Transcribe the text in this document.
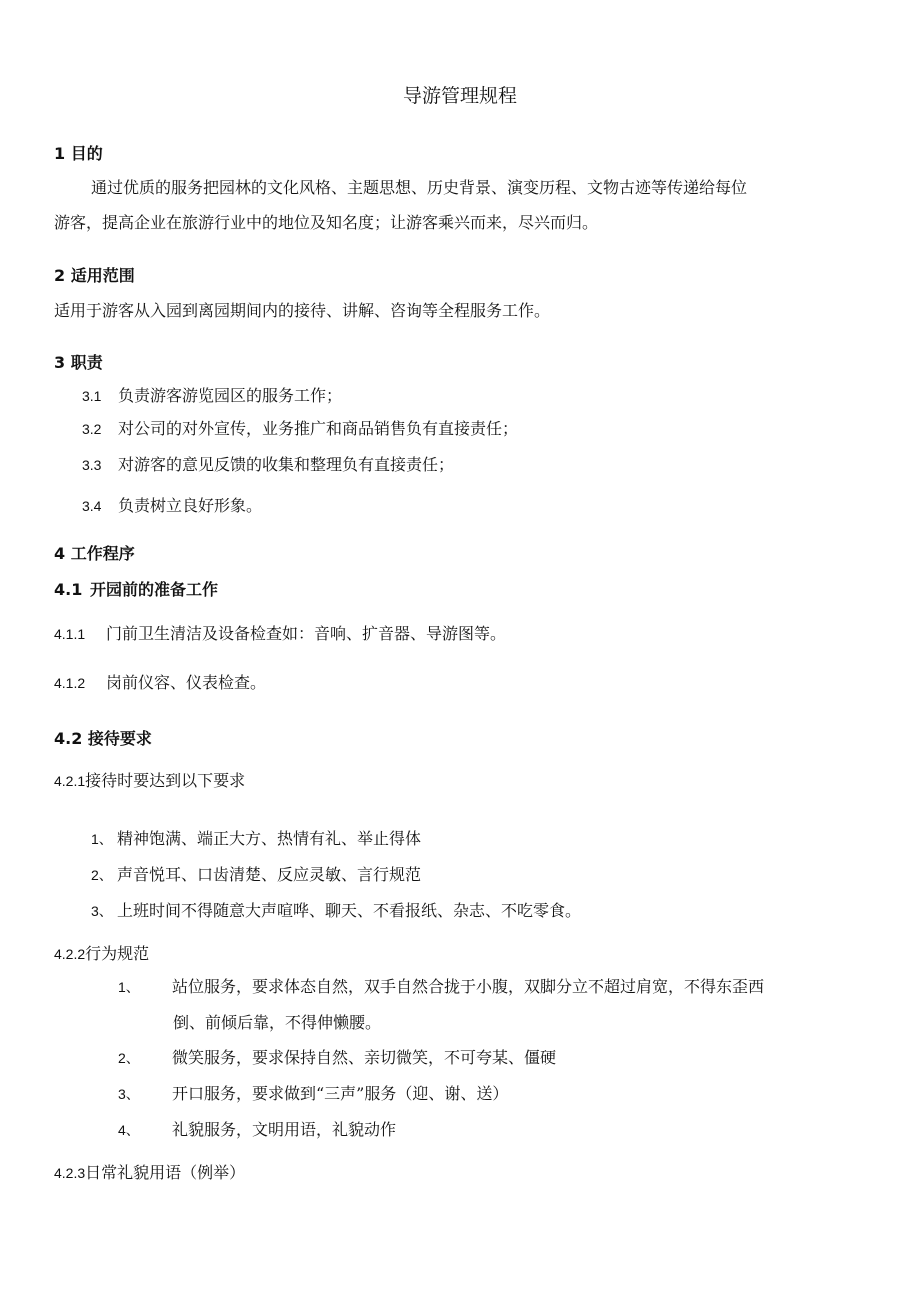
导游管理规程
1 目的
通过优质的服务把园林的文化风格、主题思想、历史背景、演变历程、文物古迹等传递给每位
游客，提高企业在旅游行业中的地位及知名度；让游客乘兴而来，尽兴而归。
2 适用范围
适用于游客从入园到离园期间内的接待、讲解、咨询等全程服务工作。
3 职责
3.1 负责游客游览园区的服务工作；
3.2 对公司的对外宣传，业务推广和商品销售负有直接责任；
3.3 对游客的意见反馈的收集和整理负有直接责任；
3.4 负责树立良好形象。
4 工作程序
4.1 开园前的准备工作
4.1.1 门前卫生清洁及设备检查如：音响、扩音器、导游图等。
4.1.2 岗前仪容、仪表检查。
4.2 接待要求
4.2.1接待时要达到以下要求
1、 精神饱满、端正大方、热情有礼、举止得体
2、 声音悦耳、口齿清楚、反应灵敏、言行规范
3、 上班时间不得随意大声喧哗、聊天、不看报纸、杂志、不吃零食。
4.2.2行为规范
1、 站位服务，要求体态自然，双手自然合拢于小腹，双脚分立不超过肩宽，不得东歪西
倒、前倾后靠，不得伸懒腰。
2、 微笑服务，要求保持自然、亲切微笑，不可夸某、僵硬
3、 开口服务，要求做到“三声”服务（迎、谢、送）
4、 礼貌服务，文明用语，礼貌动作
4.2.3日常礼貌用语（例举）
